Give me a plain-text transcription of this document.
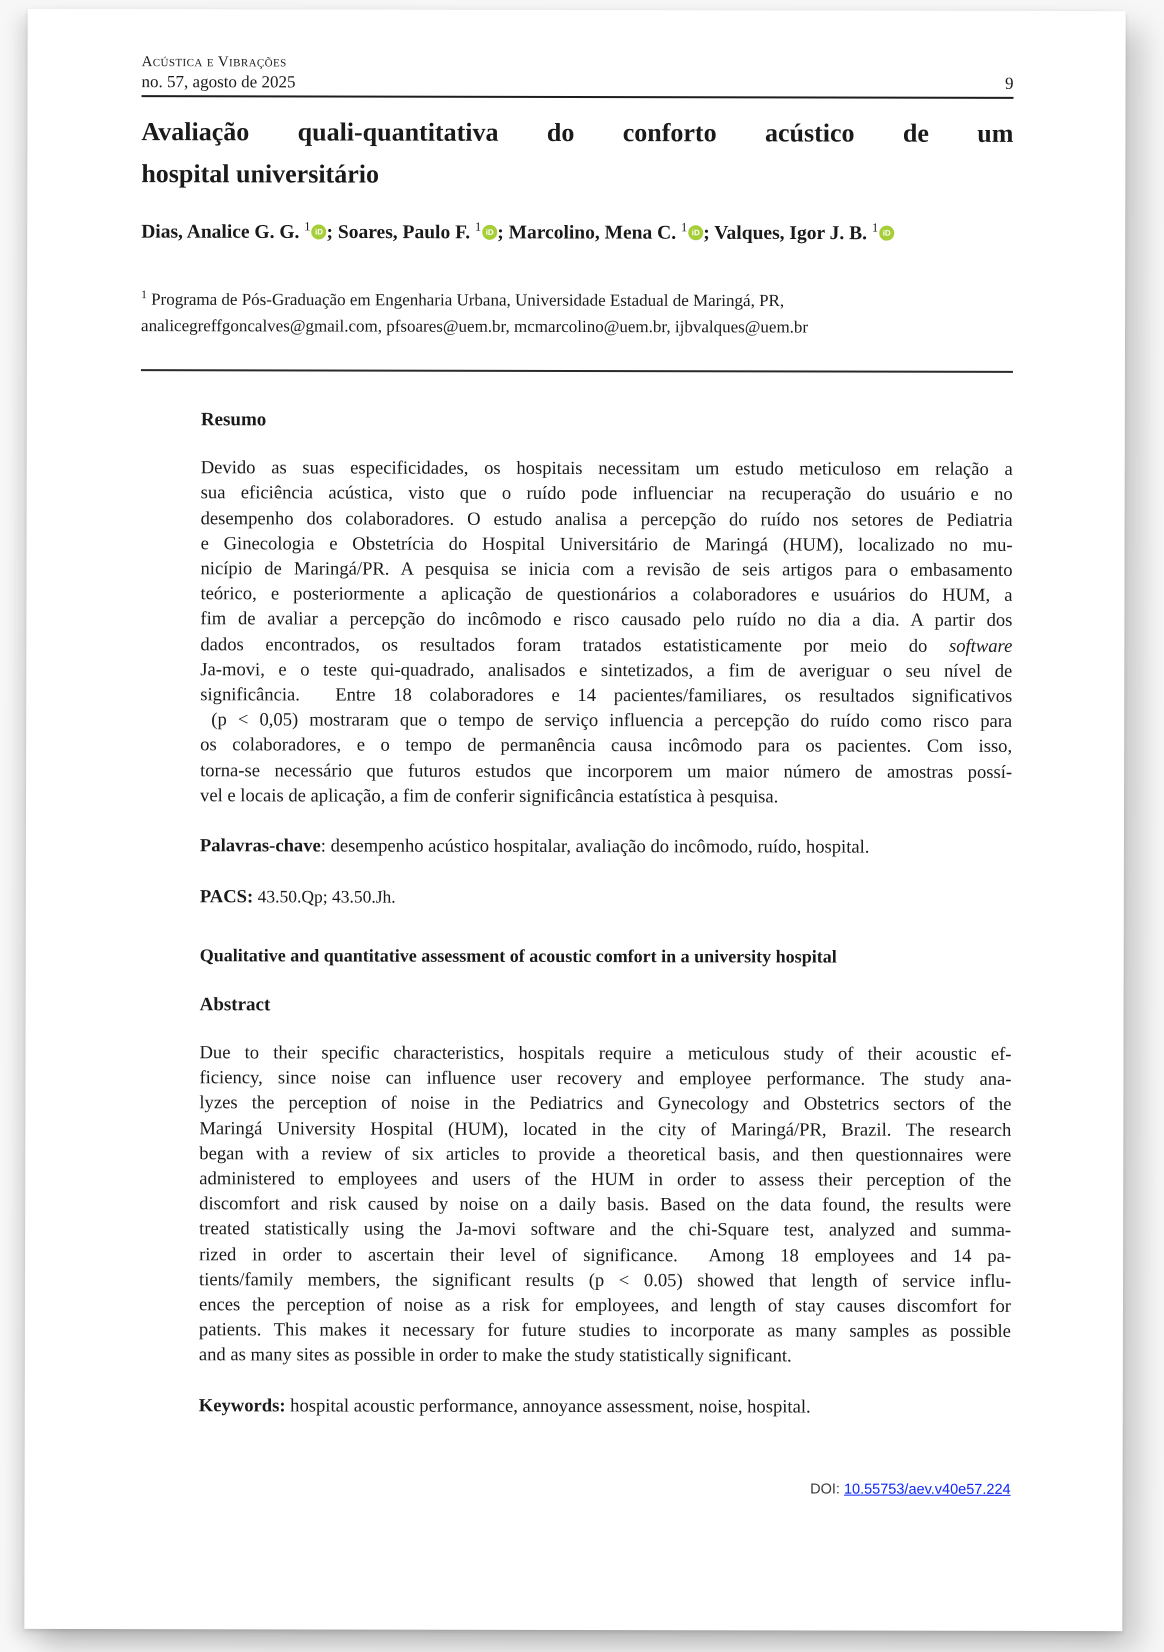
Acústica e Vibrações
no. 57, agosto de 2025	9
Avaliação quali-quantitativa do conforto acústico de um
hospital universitário
Dias, Analice G. G. $^1$ iD ; Soares, Paulo F. $^1$ iD ; Marcolino, Mena C. $^1$ iD ; Valques, Igor J. B. $^1$ iD
$^1$ Programa de Pós-Graduação em Engenharia Urbana, Universidade Estadual de Maringá, PR,
analicegreffgoncalves@gmail.com, pfsoares@uem.br, mcmarcolino@uem.br, ijbvalques@uem.br
Resumo
Devido as suas especificidades, os hospitais necessitam um estudo meticuloso em relação a
sua eficiência acústica, visto que o ruído pode influenciar na recuperação do usuário e no
desempenho dos colaboradores. O estudo analisa a percepção do ruído nos setores de Pediatria
e Ginecologia e Obstetrícia do Hospital Universitário de Maringá (HUM), localizado no mu-
nicípio de Maringá/PR. A pesquisa se inicia com a revisão de seis artigos para o embasamento
teórico, e posteriormente a aplicação de questionários a colaboradores e usuários do HUM, a
fim de avaliar a percepção do incômodo e risco causado pelo ruído no dia a dia. A partir dos
dados encontrados, os resultados foram tratados estatisticamente por meio do software
Ja-movi, e o teste qui-quadrado, analisados e sintetizados, a fim de averiguar o seu nível de
significância.  Entre 18 colaboradores e 14 pacientes/familiares, os resultados significativos
(p < 0,05) mostraram que o tempo de serviço influencia a percepção do ruído como risco para
os colaboradores, e o tempo de permanência causa incômodo para os pacientes. Com isso,
torna-se necessário que futuros estudos que incorporem um maior número de amostras possí-
vel e locais de aplicação, a fim de conferir significância estatística à pesquisa.
Palavras-chave: desempenho acústico hospitalar, avaliação do incômodo, ruído, hospital.
PACS: 43.50.Qp; 43.50.Jh.
Qualitative and quantitative assessment of acoustic comfort in a university hospital
Abstract
Due to their specific characteristics, hospitals require a meticulous study of their acoustic ef-
ficiency, since noise can influence user recovery and employee performance. The study ana-
lyzes the perception of noise in the Pediatrics and Gynecology and Obstetrics sectors of the
Maringá University Hospital (HUM), located in the city of Maringá/PR, Brazil. The research
began with a review of six articles to provide a theoretical basis, and then questionnaires were
administered to employees and users of the HUM in order to assess their perception of the
discomfort and risk caused by noise on a daily basis. Based on the data found, the results were
treated statistically using the Ja-movi software and the chi-Square test, analyzed and summa-
rized in order to ascertain their level of significance.  Among 18 employees and 14 pa-
tients/family members, the significant results (p < 0.05) showed that length of service influ-
ences the perception of noise as a risk for employees, and length of stay causes discomfort for
patients. This makes it necessary for future studies to incorporate as many samples as possible
and as many sites as possible in order to make the study statistically significant.
Keywords: hospital acoustic performance, annoyance assessment, noise, hospital.
DOI: 10.55753/aev.v40e57.224
